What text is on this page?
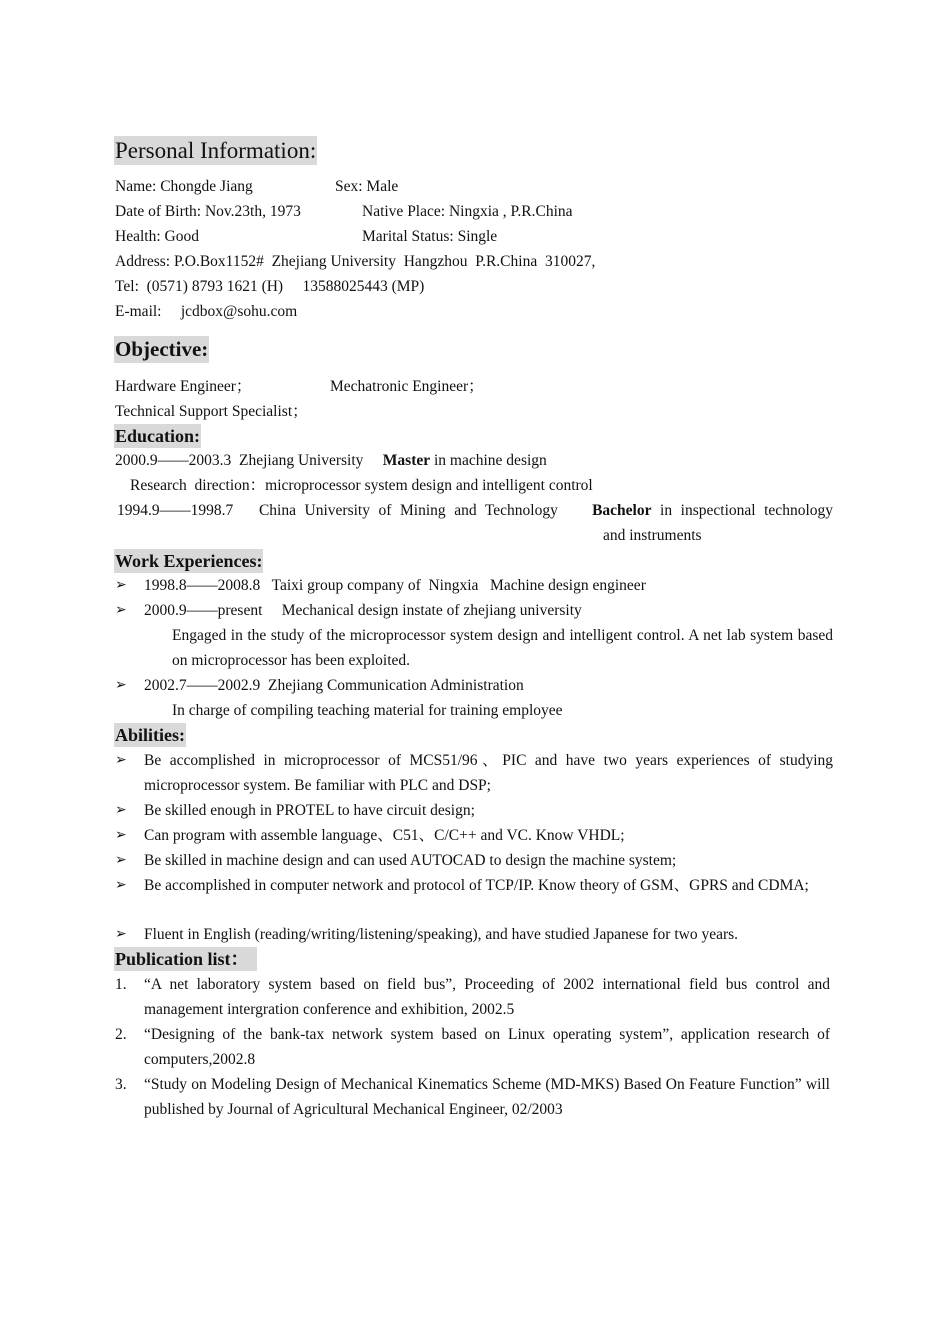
Personal Information:
Name: Chongde Jiang	Sex: Male
Date of Birth: Nov.23th, 1973	Native Place: Ningxia , P.R.China
Health: Good	Marital Status: Single
Address: P.O.Box1152#  Zhejiang University  Hangzhou  P.R.China  310027,
Tel:  (0571) 8793 1621 (H)     13588025443 (MP)
E-mail:     jcdbox@sohu.com
Objective:
Hardware Engineer；	Mechatronic Engineer；
Technical Support Specialist；
Education:
2000.9——2003.3  Zhejiang University     Master in machine design
Research  direction：microprocessor system design and intelligent control
1994.9——1998.7   China University of Mining and Technology    Bachelor in inspectional technology
and instruments
Work Experiences:
➢ 1998.8——2008.8   Taixi group company of  Ningxia   Machine design engineer
➢ 2000.9——present     Mechanical design instate of zhejiang university
Engaged in the study of the microprocessor system design and intelligent control. A net lab system based on microprocessor has been exploited.
➢ 2002.7——2002.9  Zhejiang Communication Administration
In charge of compiling teaching material for training employee
Abilities:
➢ Be accomplished in microprocessor of MCS51/96、PIC and have two years experiences of studying microprocessor system. Be familiar with PLC and DSP;
➢ Be skilled enough in PROTEL to have circuit design;
➢ Can program with assemble language、C51、C/C++ and VC. Know VHDL;
➢ Be skilled in machine design and can used AUTOCAD to design the machine system;
➢ Be accomplished in computer network and protocol of TCP/IP. Know theory of GSM、GPRS and CDMA;
➢ Fluent in English (reading/writing/listening/speaking), and have studied Japanese for two years.
Publication list：
1. “A net laboratory system based on field bus”, Proceeding of 2002 international field bus control and management intergration conference and exhibition, 2002.5
2. “Designing of the bank-tax network system based on Linux operating system”, application research of computers,2002.8
3. “Study on Modeling Design of Mechanical Kinematics Scheme (MD-MKS) Based On Feature Function” will published by Journal of Agricultural Mechanical Engineer, 02/2003
